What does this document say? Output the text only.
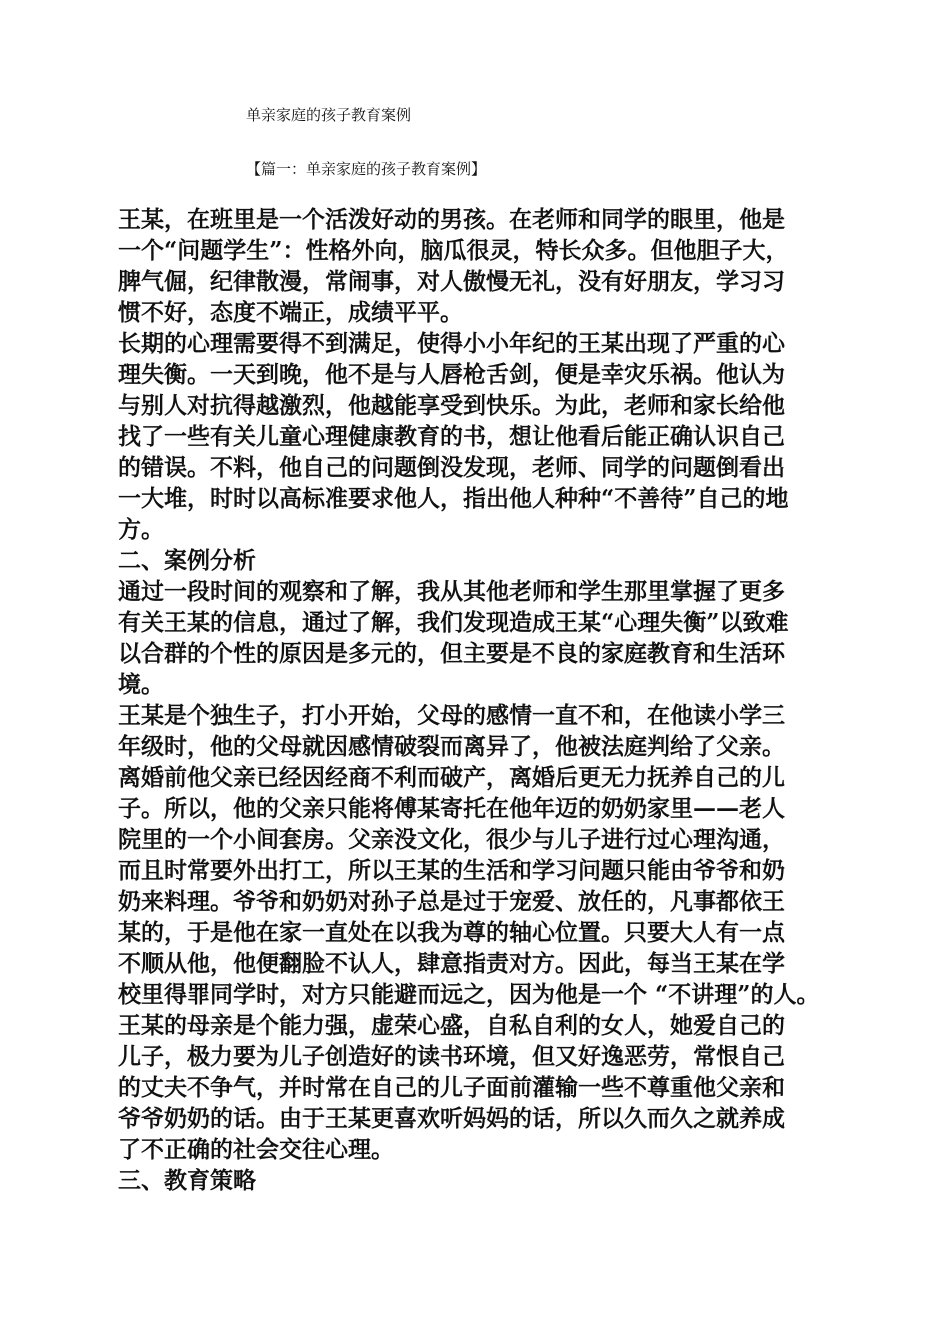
单亲家庭的孩子教育案例
【篇一：单亲家庭的孩子教育案例】
王某，在班里是一个活泼好动的男孩。在老师和同学的眼里，他是
一个“问题学生”：性格外向，脑瓜很灵，特长众多。但他胆子大，
脾气倔，纪律散漫，常闹事，对人傲慢无礼，没有好朋友，学习习
惯不好，态度不端正，成绩平平。
长期的心理需要得不到满足，使得小小年纪的王某出现了严重的心
理失衡。一天到晚，他不是与人唇枪舌剑，便是幸灾乐祸。他认为
与别人对抗得越激烈，他越能享受到快乐。为此，老师和家长给他
找了一些有关儿童心理健康教育的书，想让他看后能正确认识自己
的错误。不料，他自己的问题倒没发现，老师、同学的问题倒看出
一大堆，时时以高标准要求他人，指出他人种种“不善待”自己的地
方。
二、案例分析
通过一段时间的观察和了解，我从其他老师和学生那里掌握了更多
有关王某的信息，通过了解，我们发现造成王某“心理失衡”以致难
以合群的个性的原因是多元的，但主要是不良的家庭教育和生活环
境。
王某是个独生子，打小开始，父母的感情一直不和，在他读小学三
年级时，他的父母就因感情破裂而离异了，他被法庭判给了父亲。
离婚前他父亲已经因经商不利而破产，离婚后更无力抚养自己的儿
子。所以，他的父亲只能将傅某寄托在他年迈的奶奶家里——老人
院里的一个小间套房。父亲没文化，很少与儿子进行过心理沟通，
而且时常要外出打工，所以王某的生活和学习问题只能由爷爷和奶
奶来料理。爷爷和奶奶对孙子总是过于宠爱、放任的，凡事都依王
某的，于是他在家一直处在以我为尊的轴心位置。只要大人有一点
不顺从他，他便翻脸不认人，肆意指责对方。因此，每当王某在学
校里得罪同学时，对方只能避而远之，因为他是一个 “不讲理”的人。
王某的母亲是个能力强，虚荣心盛，自私自利的女人，她爱自己的
儿子，极力要为儿子创造好的读书环境，但又好逸恶劳，常恨自己
的丈夫不争气，并时常在自己的儿子面前灌输一些不尊重他父亲和
爷爷奶奶的话。由于王某更喜欢听妈妈的话，所以久而久之就养成
了不正确的社会交往心理。
三、教育策略
